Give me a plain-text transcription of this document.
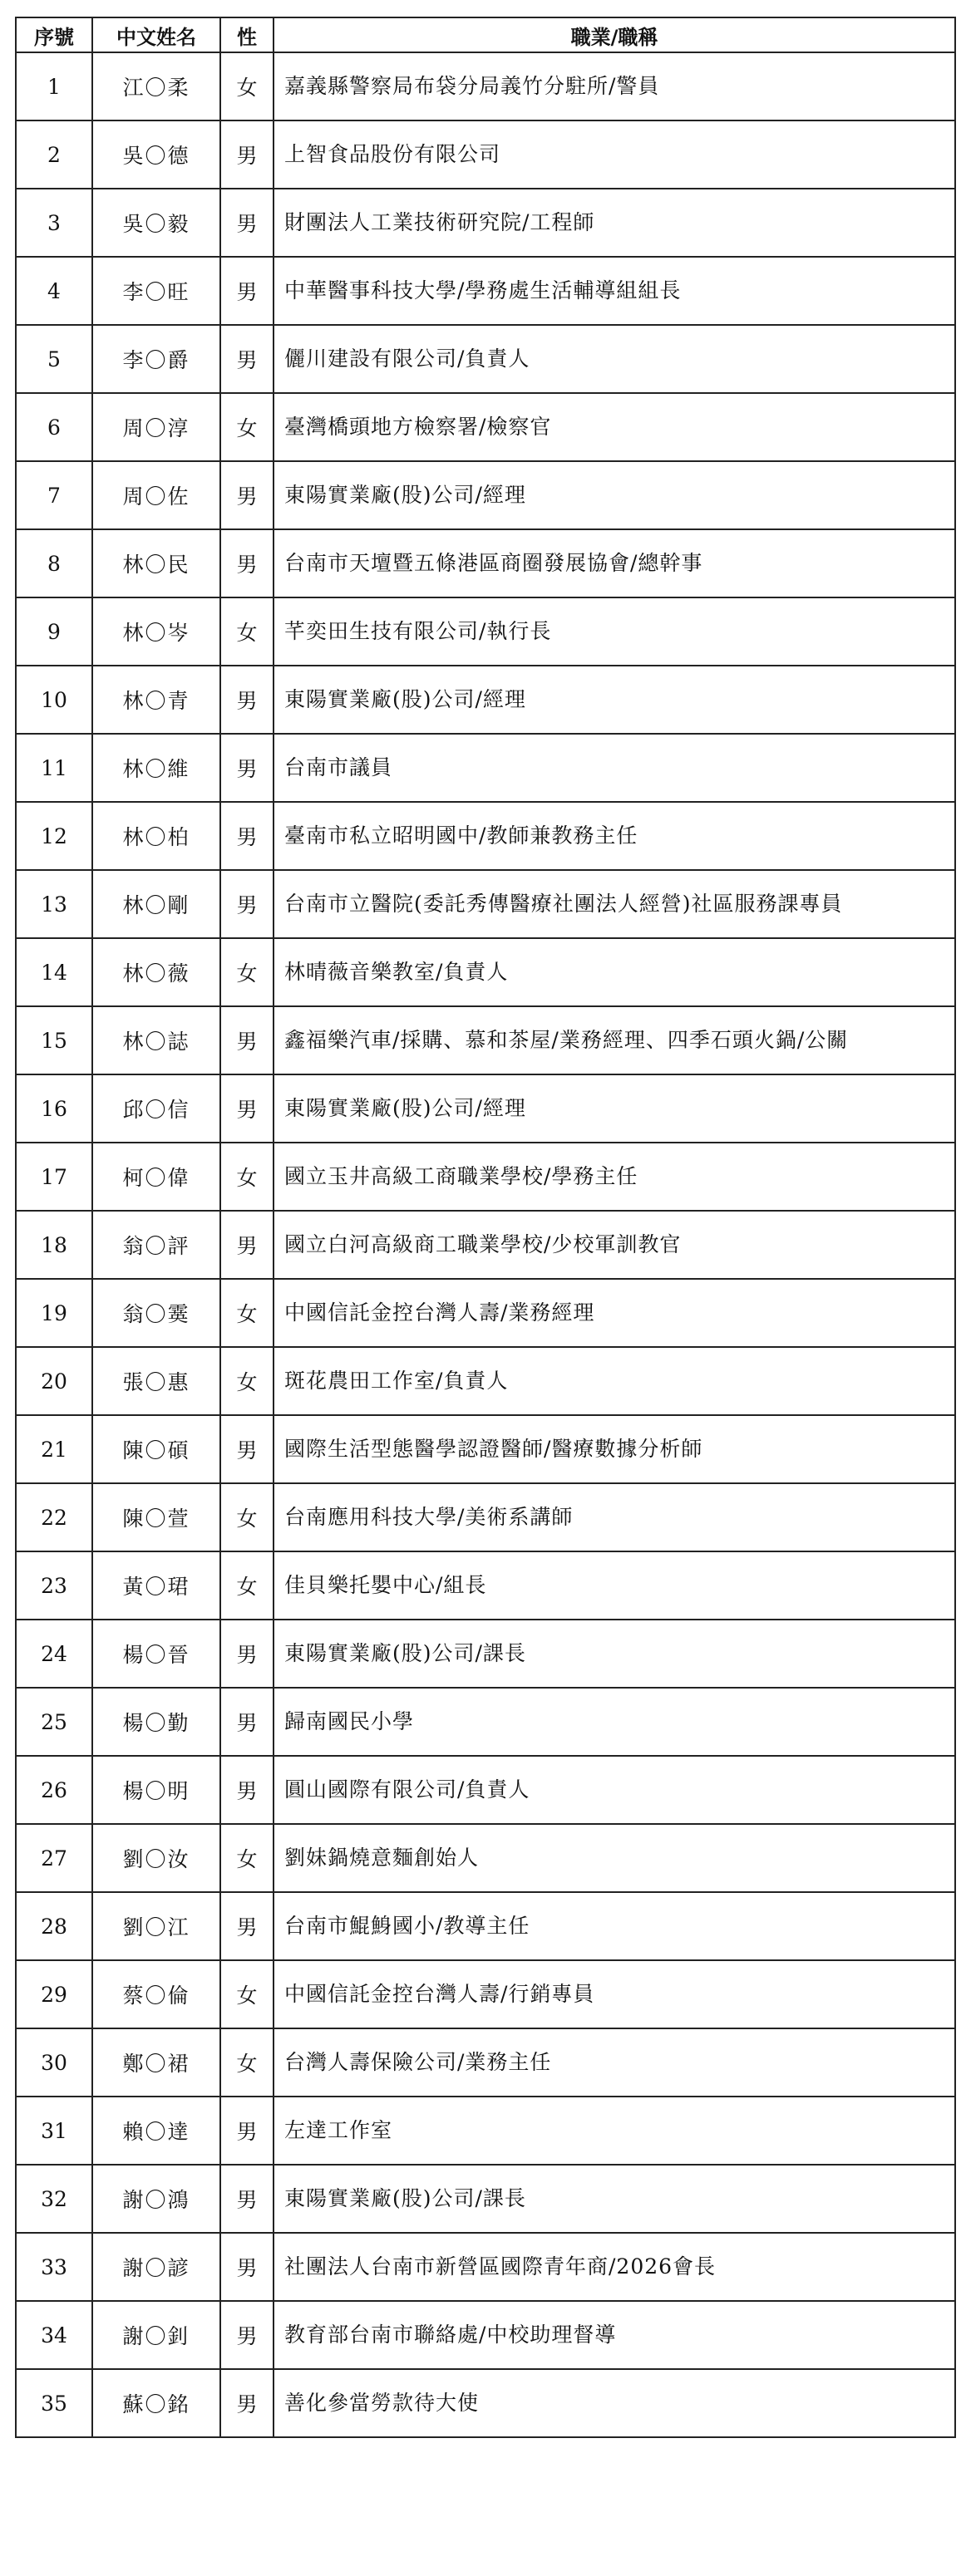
序號	中文姓名	性	職業/職稱
1	江〇柔	女	嘉義縣警察局布袋分局義竹分駐所/警員
2	吳〇德	男	上智食品股份有限公司
3	吳〇毅	男	財團法人工業技術研究院/工程師
4	李〇旺	男	中華醫事科技大學/學務處生活輔導組組長
5	李〇爵	男	儷川建設有限公司/負責人
6	周〇淳	女	臺灣橋頭地方檢察署/檢察官
7	周〇佐	男	東陽實業廠(股)公司/經理
8	林〇民	男	台南市天壇暨五條港區商圈發展協會/總幹事
9	林〇岑	女	芊奕田生技有限公司/執行長
10	林〇青	男	東陽實業廠(股)公司/經理
11	林〇維	男	台南市議員
12	林〇柏	男	臺南市私立昭明國中/教師兼教務主任
13	林〇剛	男	台南市立醫院(委託秀傳醫療社團法人經營)社區服務課專員
14	林〇薇	女	林晴薇音樂教室/負責人
15	林〇誌	男	鑫福樂汽車/採購、慕和茶屋/業務經理、四季石頭火鍋/公關
16	邱〇信	男	東陽實業廠(股)公司/經理
17	柯〇偉	女	國立玉井高級工商職業學校/學務主任
18	翁〇評	男	國立白河高級商工職業學校/少校軍訓教官
19	翁〇霙	女	中國信託金控台灣人壽/業務經理
20	張〇惠	女	斑花農田工作室/負責人
21	陳〇碩	男	國際生活型態醫學認證醫師/醫療數據分析師
22	陳〇萱	女	台南應用科技大學/美術系講師
23	黃〇珺	女	佳貝樂托嬰中心/組長
24	楊〇晉	男	東陽實業廠(股)公司/課長
25	楊〇勤	男	歸南國民小學
26	楊〇明	男	圓山國際有限公司/負責人
27	劉〇汝	女	劉妹鍋燒意麵創始人
28	劉〇江	男	台南市鯤鯓國小/教導主任
29	蔡〇倫	女	中國信託金控台灣人壽/行銷專員
30	鄭〇裙	女	台灣人壽保險公司/業務主任
31	賴〇達	男	左達工作室
32	謝〇鴻	男	東陽實業廠(股)公司/課長
33	謝〇諺	男	社團法人台南市新營區國際青年商/2026會長
34	謝〇釗	男	教育部台南市聯絡處/中校助理督導
35	蘇〇銘	男	善化參當勞款待大使
